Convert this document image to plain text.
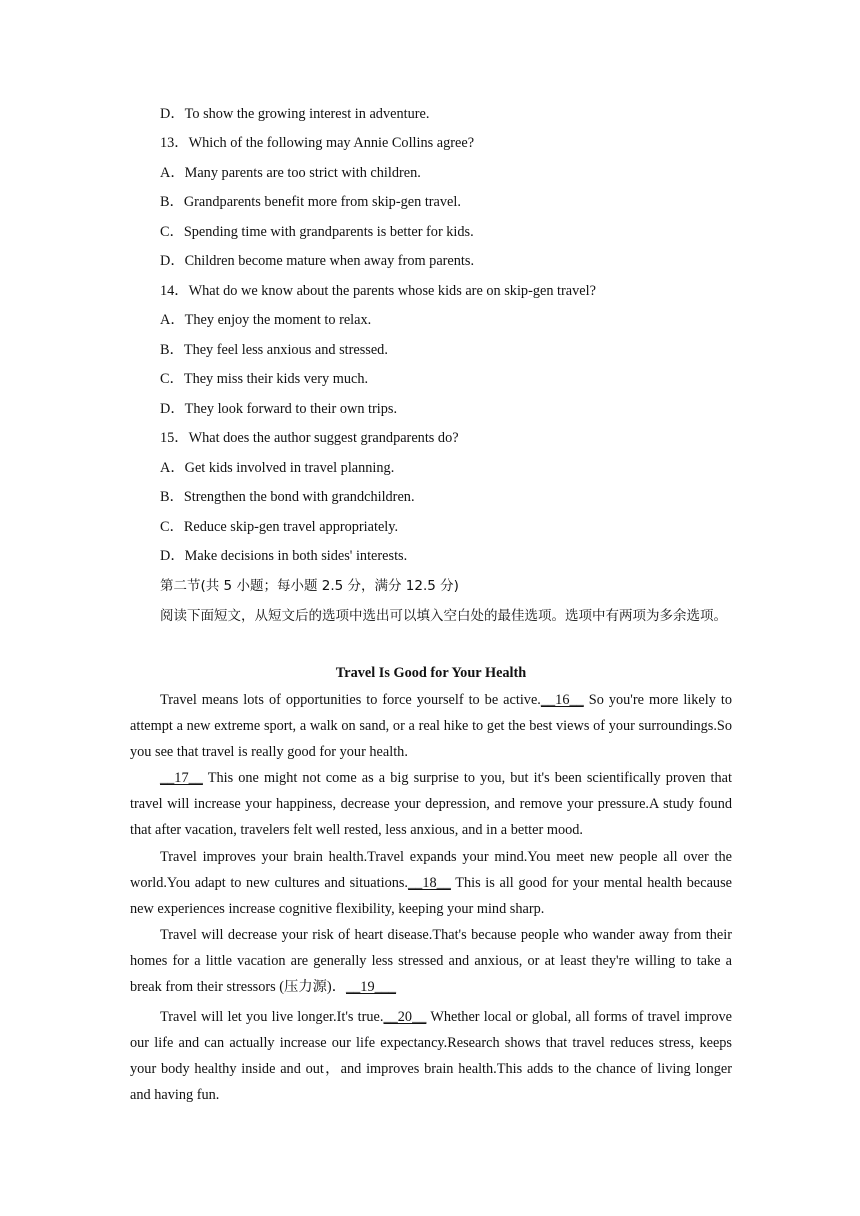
D．To show the growing interest in adventure.
13．Which of the following may Annie Collins agree?
A．Many parents are too strict with children.
B．Grandparents benefit more from skip-gen travel.
C．Spending time with grandparents is better for kids.
D．Children become mature when away from parents.
14．What do we know about the parents whose kids are on skip-gen travel?
A．They enjoy the moment to relax.
B．They feel less anxious and stressed.
C．They miss their kids very much.
D．They look forward to their own trips.
15．What does the author suggest grandparents do?
A．Get kids involved in travel planning.
B．Strengthen the bond with grandchildren.
C．Reduce skip-gen travel appropriately.
D．Make decisions in both sides' interests.
第二节(共 5 小题；每小题 2.5 分，满分 12.5 分)
阅读下面短文，从短文后的选项中选出可以填入空白处的最佳选项。选项中有两项为多余选项。
Travel Is Good for Your Health
Travel means lots of opportunities to force yourself to be active.__16__ So you're more likely to attempt a new extreme sport, a walk on sand, or a real hike to get the best views of your surroundings.So you see that travel is really good for your health.
__17__ This one might not come as a big surprise to you, but it's been scientifically proven that travel will increase your happiness, decrease your depression, and remove your pressure.A study found that after vacation, travelers felt well rested, less anxious, and in a better mood.
Travel improves your brain health.Travel expands your mind.You meet new people all over the world.You adapt to new cultures and situations.__18__ This is all good for your mental health because new experiences increase cognitive flexibility, keeping your mind sharp.
Travel will decrease your risk of heart disease.That's because people who wander away from their homes for a little vacation are generally less stressed and anxious, or at least they're willing to take a break from their stressors (压力源)．__19___
Travel will let you live longer.It's true.__20__ Whether local or global, all forms of travel improve our life and can actually increase our life expectancy.Research shows that travel reduces stress, keeps your body healthy inside and out，and improves brain health.This adds to the chance of living longer and having fun.
